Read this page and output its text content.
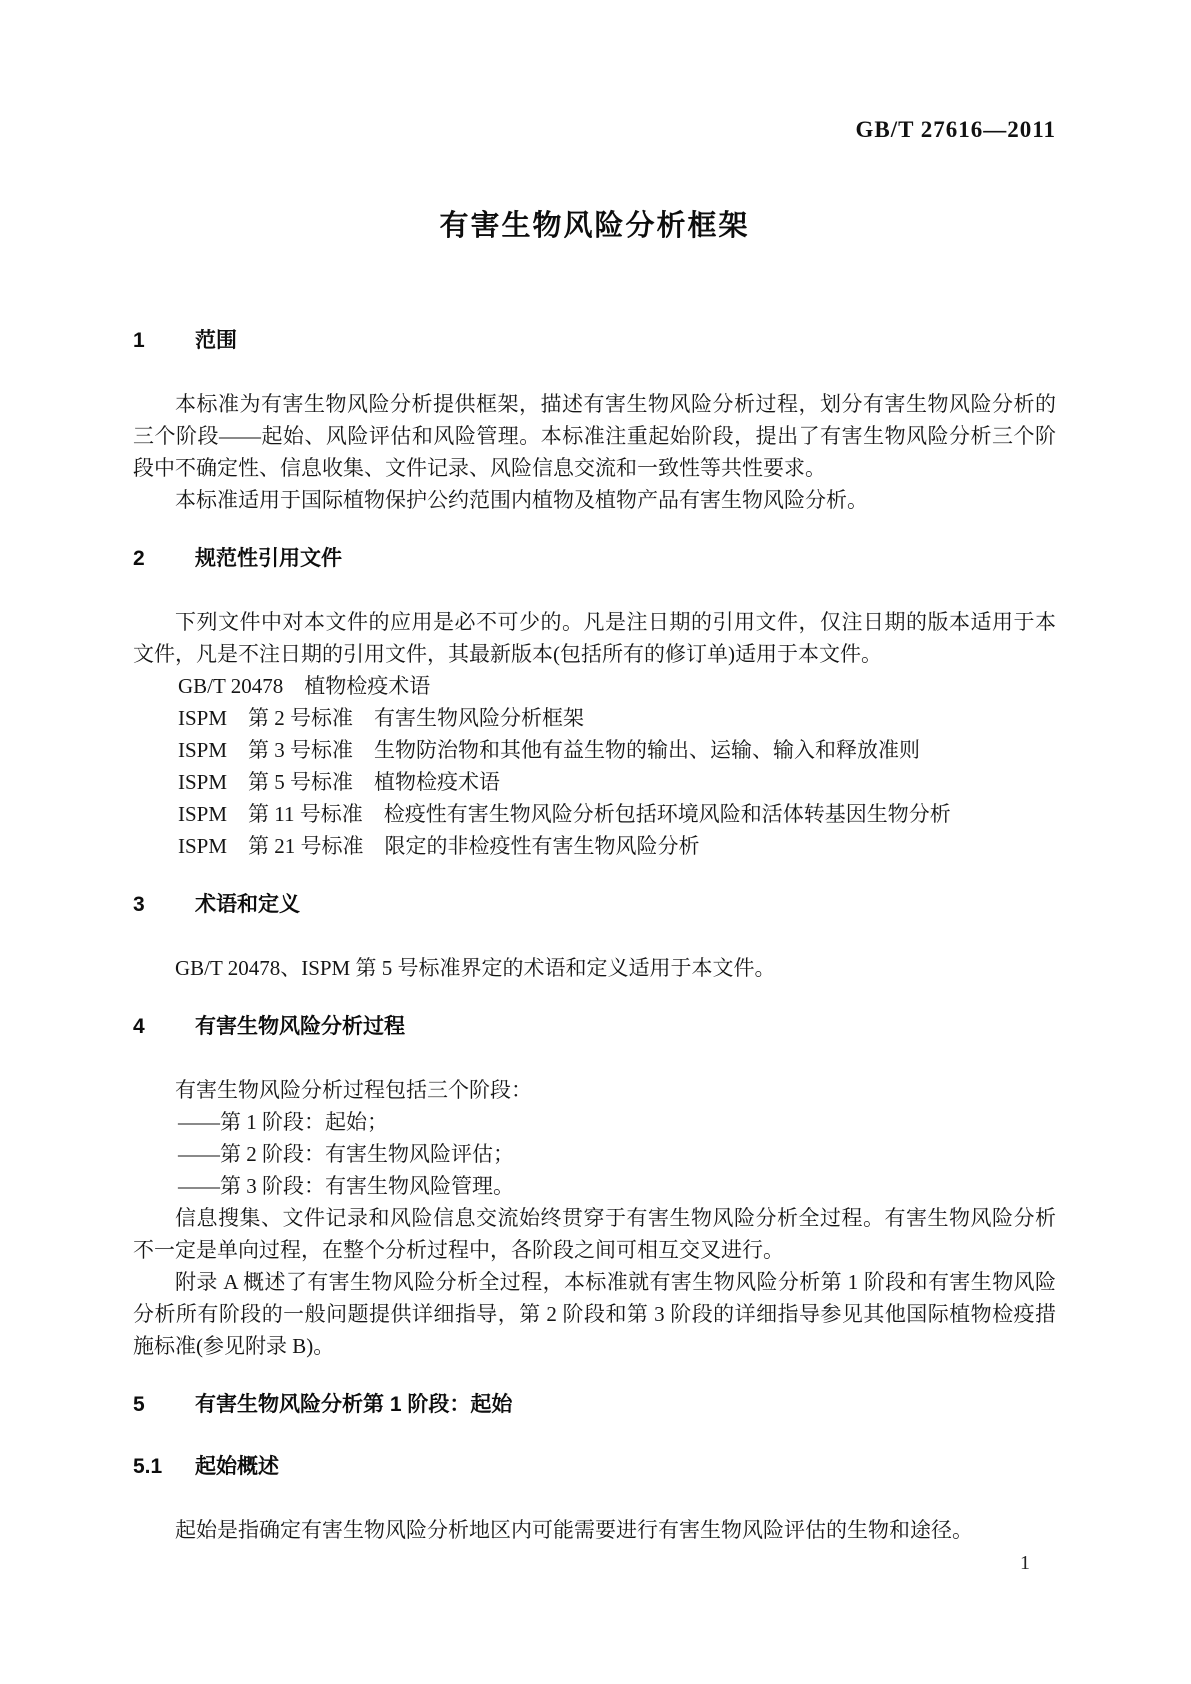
GB/T 27616—2011
有害生物风险分析框架
1 范围

本标准为有害生物风险分析提供框架，描述有害生物风险分析过程，划分有害生物风险分析的三个阶段——起始、风险评估和风险管理。本标准注重起始阶段，提出了有害生物风险分析三个阶段中不确定性、信息收集、文件记录、风险信息交流和一致性等共性要求。

本标准适用于国际植物保护公约范围内植物及植物产品有害生物风险分析。

2 规范性引用文件

下列文件中对本文件的应用是必不可少的。凡是注日期的引用文件，仅注日期的版本适用于本文件，凡是不注日期的引用文件，其最新版本(包括所有的修订单)适用于本文件。

GB/T 20478　植物检疫术语

ISPM　第 2 号标准　有害生物风险分析框架

ISPM　第 3 号标准　生物防治物和其他有益生物的输出、运输、输入和释放准则

ISPM　第 5 号标准　植物检疫术语

ISPM　第 11 号标准　检疫性有害生物风险分析包括环境风险和活体转基因生物分析

ISPM　第 21 号标准　限定的非检疫性有害生物风险分析

3 术语和定义

GB/T 20478、ISPM 第 5 号标准界定的术语和定义适用于本文件。

4 有害生物风险分析过程

有害生物风险分析过程包括三个阶段：

——第 1 阶段：起始；

——第 2 阶段：有害生物风险评估；

——第 3 阶段：有害生物风险管理。

信息搜集、文件记录和风险信息交流始终贯穿于有害生物风险分析全过程。有害生物风险分析不一定是单向过程，在整个分析过程中，各阶段之间可相互交叉进行。

附录 A 概述了有害生物风险分析全过程，本标准就有害生物风险分析第 1 阶段和有害生物风险分析所有阶段的一般问题提供详细指导，第 2 阶段和第 3 阶段的详细指导参见其他国际植物检疫措施标准(参见附录 B)。

5 有害生物风险分析第 1 阶段：起始
5.1 起始概述

起始是指确定有害生物风险分析地区内可能需要进行有害生物风险评估的生物和途径。

1
